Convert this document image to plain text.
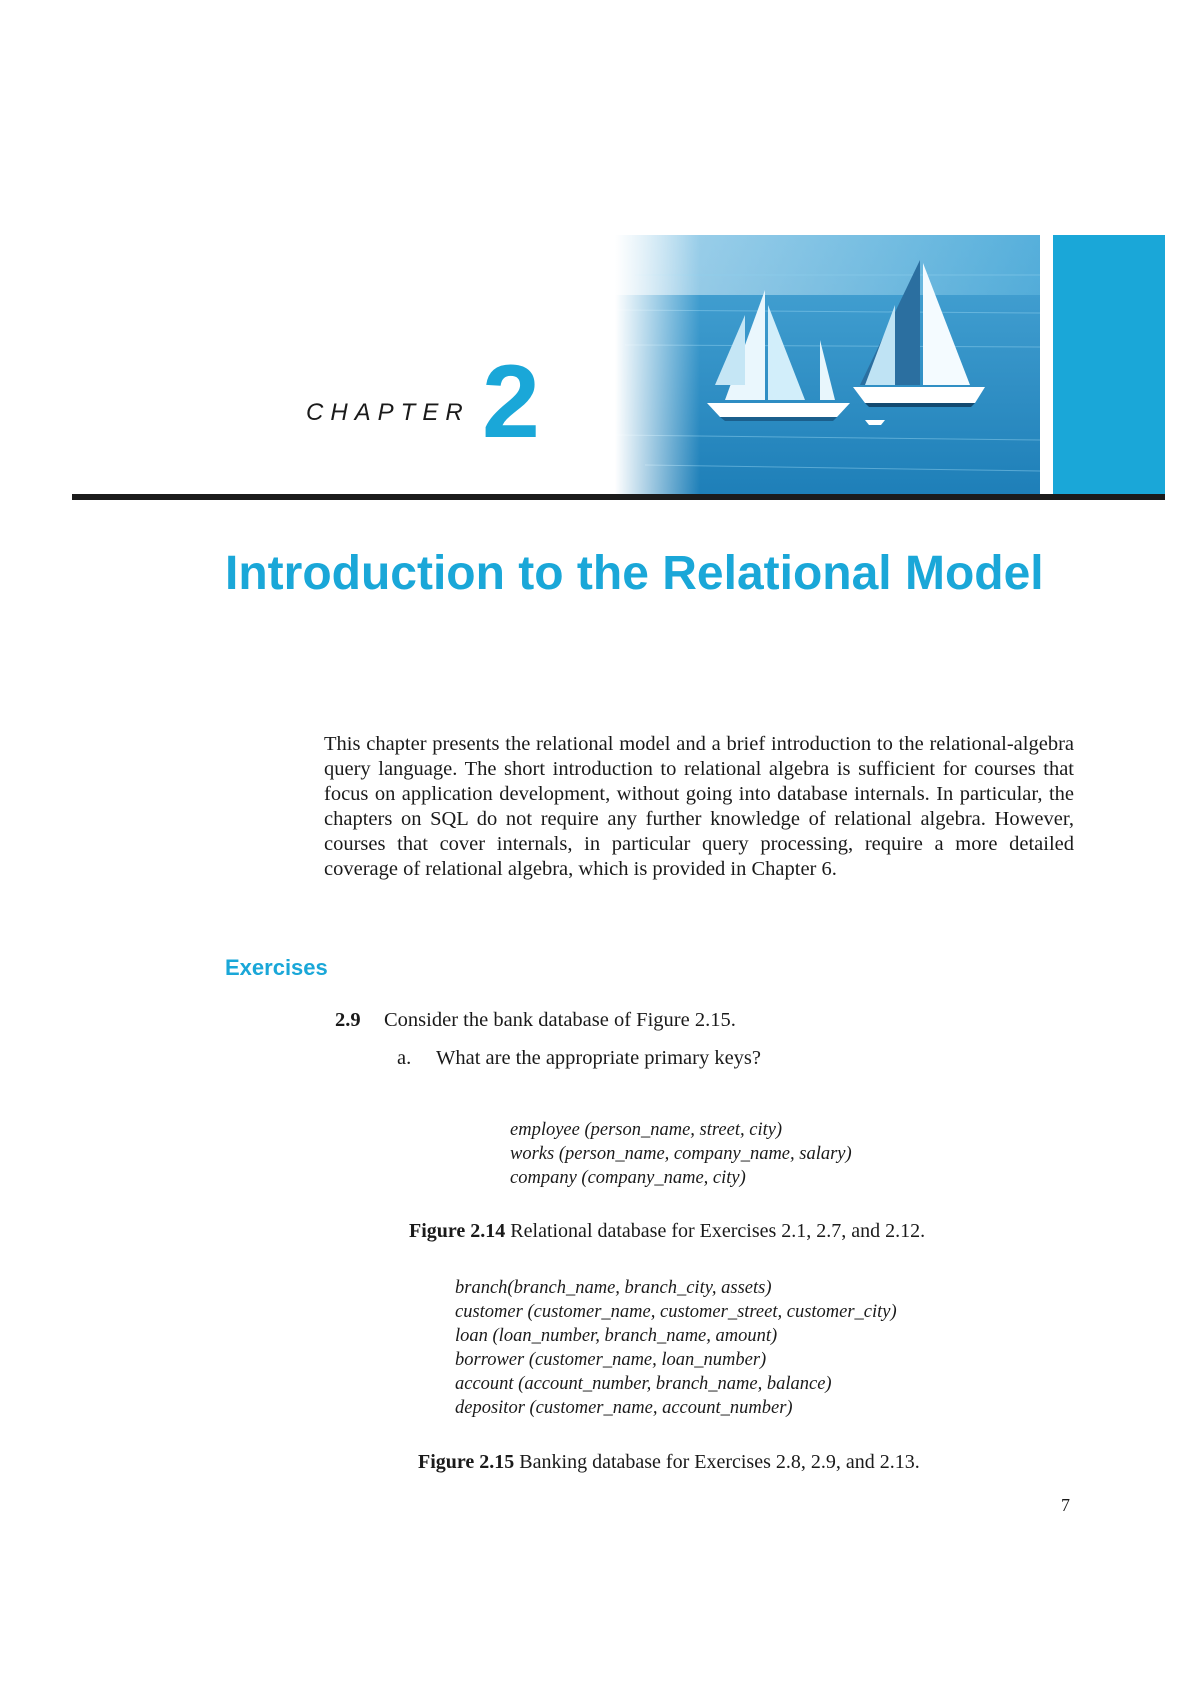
CHAPTER 2
Introduction to the Relational Model

This chapter presents the relational model and a brief introduction to the relational-algebra query language. The short introduction to relational algebra is sufficient for courses that focus on application development, without going into database internals. In particular, the chapters on SQL do not require any further knowledge of relational algebra. However, courses that cover internals, in particular query processing, require a more detailed coverage of relational algebra, which is provided in Chapter 6.

Exercises
2.9 Consider the bank database of Figure 2.15.
a. What are the appropriate primary keys?
employee (person_name, street, city)
works (person_name, company_name, salary)
company (company_name, city)
Figure 2.14 Relational database for Exercises 2.1, 2.7, and 2.12.
branch(branch_name, branch_city, assets)
customer (customer_name, customer_street, customer_city)
loan (loan_number, branch_name, amount)
borrower (customer_name, loan_number)
account (account_number, branch_name, balance)
depositor (customer_name, account_number)
Figure 2.15 Banking database for Exercises 2.8, 2.9, and 2.13.
7
